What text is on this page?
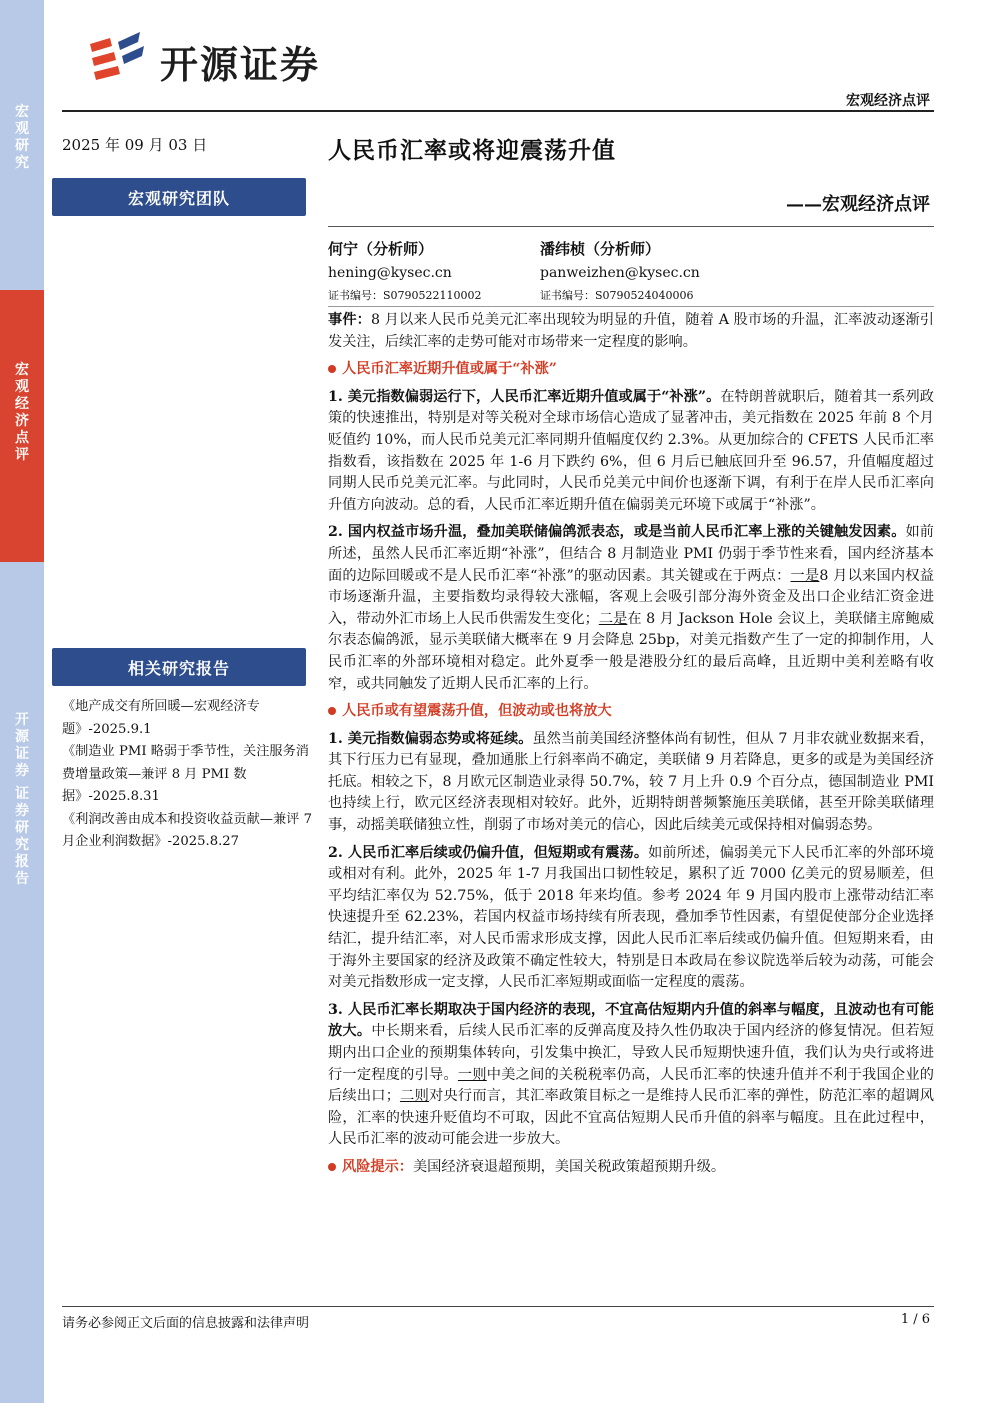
宏
观
研
究
宏
观
经
济
点
评
开
源
证
券

证
券
研
究
报
告
开源证券
宏观经济点评
2025 年 09 月 03 日
宏观研究团队
相关研究报告
人民币汇率或将迎震荡升值
——宏观经济点评
何宁（分析师）
hening@kysec.cn
证书编号：S0790522110002
潘纬桢（分析师）
panweizhen@kysec.cn
证书编号：S0790524040006

《地产成交有所回暖—宏观经济专题》-2025.9.1

《制造业 PMI 略弱于季节性，关注服务消费增量政策—兼评 8 月 PMI 数据》-2025.8.31

《利润改善由成本和投资收益贡献—兼评 7 月企业利润数据》-2025.8.27

事件：8 月以来人民币兑美元汇率出现较为明显的升值，随着 A 股市场的升温，汇率波动逐渐引发关注，后续汇率的走势可能对市场带来一定程度的影响。

人民币汇率近期升值或属于“补涨”

1. 美元指数偏弱运行下，人民币汇率近期升值或属于“补涨”。在特朗普就职后，随着其一系列政策的快速推出，特别是对等关税对全球市场信心造成了显著冲击，美元指数在 2025 年前 8 个月贬值约 10%，而人民币兑美元汇率同期升值幅度仅约 2.3%。从更加综合的 CFETS 人民币汇率指数看，该指数在 2025 年 1-6 月下跌约 6%，但 6 月后已触底回升至 96.57，升值幅度超过同期人民币兑美元汇率。与此同时，人民币兑美元中间价也逐渐下调，有利于在岸人民币汇率向升值方向波动。总的看，人民币汇率近期升值在偏弱美元环境下或属于“补涨”。

2. 国内权益市场升温，叠加美联储偏鸽派表态，或是当前人民币汇率上涨的关键触发因素。如前所述，虽然人民币汇率近期“补涨”，但结合 8 月制造业 PMI 仍弱于季节性来看，国内经济基本面的边际回暖或不是人民币汇率“补涨”的驱动因素。其关键或在于两点：一是8 月以来国内权益市场逐渐升温，主要指数均录得较大涨幅，客观上会吸引部分海外资金及出口企业结汇资金进入，带动外汇市场上人民币供需发生变化；二是在 8 月 Jackson Hole 会议上，美联储主席鲍威尔表态偏鸽派，显示美联储大概率在 9 月会降息 25bp，对美元指数产生了一定的抑制作用，人民币汇率的外部环境相对稳定。此外夏季一般是港股分红的最后高峰，且近期中美利差略有收窄，或共同触发了近期人民币汇率的上行。

人民币或有望震荡升值，但波动或也将放大

1. 美元指数偏弱态势或将延续。虽然当前美国经济整体尚有韧性，但从 7 月非农就业数据来看，其下行压力已有显现，叠加通胀上行斜率尚不确定，美联储 9 月若降息，更多的或是为美国经济托底。相较之下，8 月欧元区制造业录得 50.7%，较 7 月上升 0.9 个百分点，德国制造业 PMI 也持续上行，欧元区经济表现相对较好。此外，近期特朗普频繁施压美联储，甚至开除美联储理事，动摇美联储独立性，削弱了市场对美元的信心，因此后续美元或保持相对偏弱态势。

2. 人民币汇率后续或仍偏升值，但短期或有震荡。如前所述，偏弱美元下人民币汇率的外部环境或相对有利。此外，2025 年 1-7 月我国出口韧性较足，累积了近 7000 亿美元的贸易顺差，但平均结汇率仅为 52.75%，低于 2018 年来均值。参考 2024 年 9 月国内股市上涨带动结汇率快速提升至 62.23%，若国内权益市场持续有所表现，叠加季节性因素，有望促使部分企业选择结汇，提升结汇率，对人民币需求形成支撑，因此人民币汇率后续或仍偏升值。但短期来看，由于海外主要国家的经济及政策不确定性较大，特别是日本政局在参议院选举后较为动荡，可能会对美元指数形成一定支撑，人民币汇率短期或面临一定程度的震荡。

3. 人民币汇率长期取决于国内经济的表现，不宜高估短期内升值的斜率与幅度，且波动也有可能放大。中长期来看，后续人民币汇率的反弹高度及持久性仍取决于国内经济的修复情况。但若短期内出口企业的预期集体转向，引发集中换汇，导致人民币短期快速升值，我们认为央行或将进行一定程度的引导。一则中美之间的关税税率仍高，人民币汇率的快速升值并不利于我国企业的后续出口；二则对央行而言，其汇率政策目标之一是维持人民币汇率的弹性，防范汇率的超调风险，汇率的快速升贬值均不可取，因此不宜高估短期人民币升值的斜率与幅度。且在此过程中，人民币汇率的波动可能会进一步放大。

风险提示：美国经济衰退超预期，美国关税政策超预期升级。

请务必参阅正文后面的信息披露和法律声明	1 / 6
